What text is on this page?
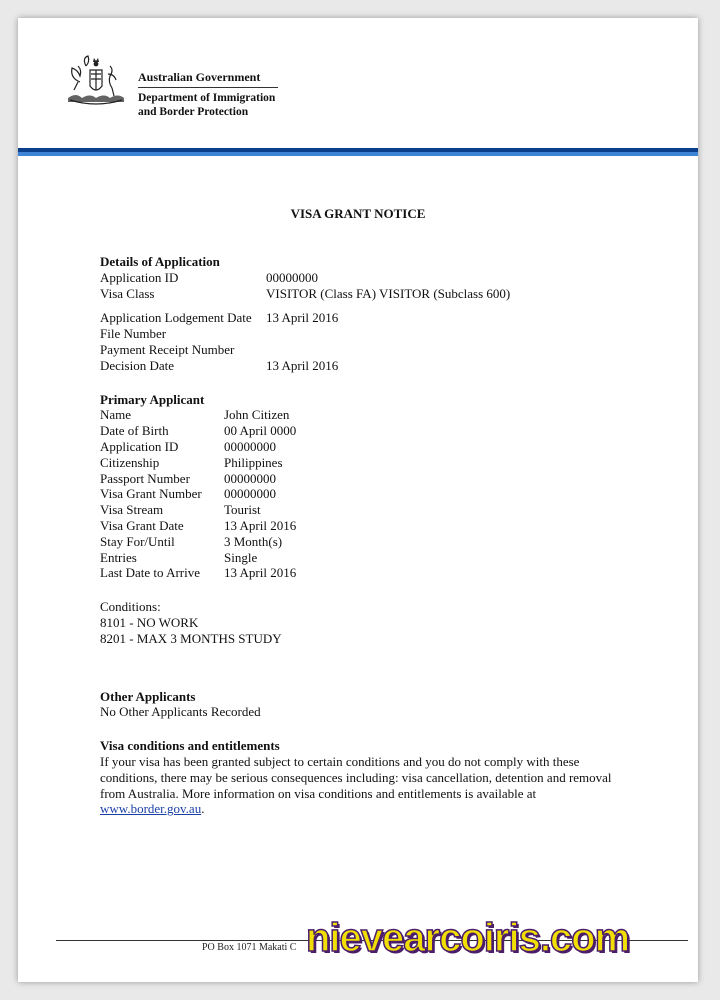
Australian Government
Department of Immigration
and Border Protection
VISA GRANT NOTICE
Details of Application
Application ID	00000000
Visa Class	VISITOR (Class FA) VISITOR (Subclass 600)
Application Lodgement Date	13 April 2016
File Number
Payment Receipt Number
Decision Date	13 April 2016
Primary Applicant
Name	John Citizen
Date of Birth	00 April 0000
Application ID	00000000
Citizenship	Philippines
Passport Number	00000000
Visa Grant Number	00000000
Visa Stream	Tourist
Visa Grant Date	13 April 2016
Stay For/Until	3 Month(s)
Entries	Single
Last Date to Arrive	13 April 2016
Conditions:
8101 - NO WORK
8201 - MAX 3 MONTHS STUDY
Other Applicants
No Other Applicants Recorded
Visa conditions and entitlements
If your visa has been granted subject to certain conditions and you do not comply with these conditions, there may be serious consequences including: visa cancellation, detention and removal from Australia. More information on visa conditions and entitlements is available at www.border.gov.au.
PO Box 1071 Makati C nievearcoiris.com
